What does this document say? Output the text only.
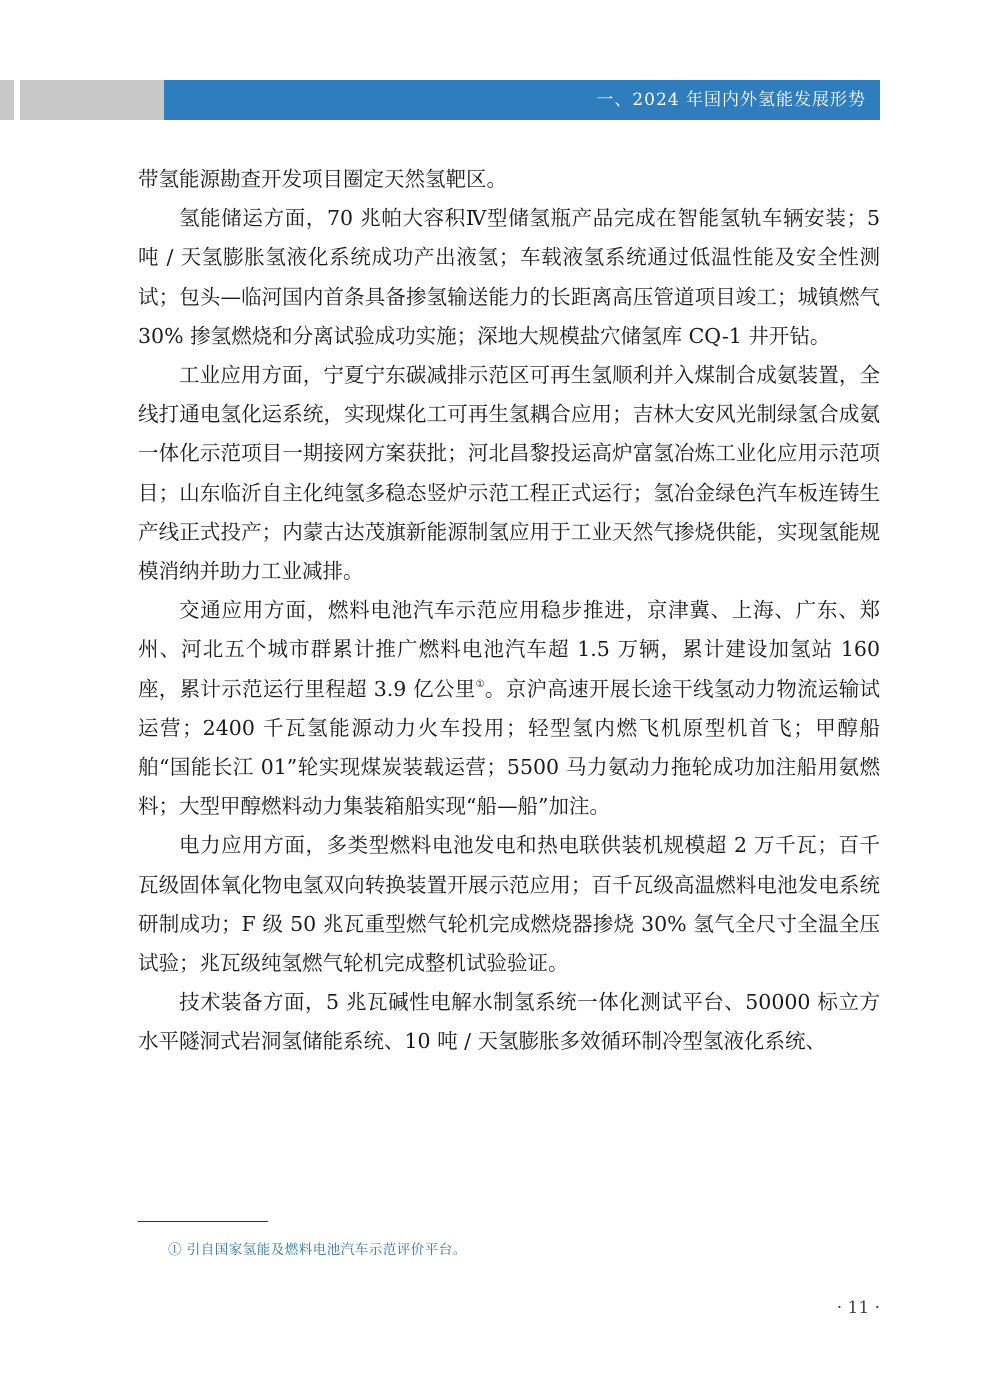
一、2024 年国内外氢能发展形势

带氢能源勘查开发项目圈定天然氢靶区。

氢能储运方面，70 兆帕大容积Ⅳ型储氢瓶产品完成在智能氢轨车辆安装；5 吨 / 天氢膨胀氢液化系统成功产出液氢；车载液氢系统通过低温性能及安全性测试；包头—临河国内首条具备掺氢输送能力的长距离高压管道项目竣工；城镇燃气 30% 掺氢燃烧和分离试验成功实施；深地大规模盐穴储氢库 CQ-1 井开钻。

工业应用方面，宁夏宁东碳减排示范区可再生氢顺利并入煤制合成氨装置，全线打通电氢化运系统，实现煤化工可再生氢耦合应用；吉林大安风光制绿氢合成氨一体化示范项目一期接网方案获批；河北昌黎投运高炉富氢冶炼工业化应用示范项目；山东临沂自主化纯氢多稳态竖炉示范工程正式运行；氢冶金绿色汽车板连铸生产线正式投产；内蒙古达茂旗新能源制氢应用于工业天然气掺烧供能，实现氢能规模消纳并助力工业减排。

交通应用方面，燃料电池汽车示范应用稳步推进，京津冀、上海、广东、郑州、河北五个城市群累计推广燃料电池汽车超 1.5 万辆，累计建设加氢站 160 座，累计示范运行里程超 3.9 亿公里①。京沪高速开展长途干线氢动力物流运输试运营；2400 千瓦氢能源动力火车投用；轻型氢内燃飞机原型机首飞；甲醇船舶“国能长江 01”轮实现煤炭装载运营；5500 马力氨动力拖轮成功加注船用氨燃料；大型甲醇燃料动力集装箱船实现“船—船”加注。

电力应用方面，多类型燃料电池发电和热电联供装机规模超 2 万千瓦；百千瓦级固体氧化物电氢双向转换装置开展示范应用；百千瓦级高温燃料电池发电系统研制成功；F 级 50 兆瓦重型燃气轮机完成燃烧器掺烧 30% 氢气全尺寸全温全压试验；兆瓦级纯氢燃气轮机完成整机试验验证。

技术装备方面，5 兆瓦碱性电解水制氢系统一体化测试平台、50000 标立方水平隧洞式岩洞氢储能系统、10 吨 / 天氢膨胀多效循环制冷型氢液化系统、

① 引自国家氢能及燃料电池汽车示范评价平台。
· 11 ·
